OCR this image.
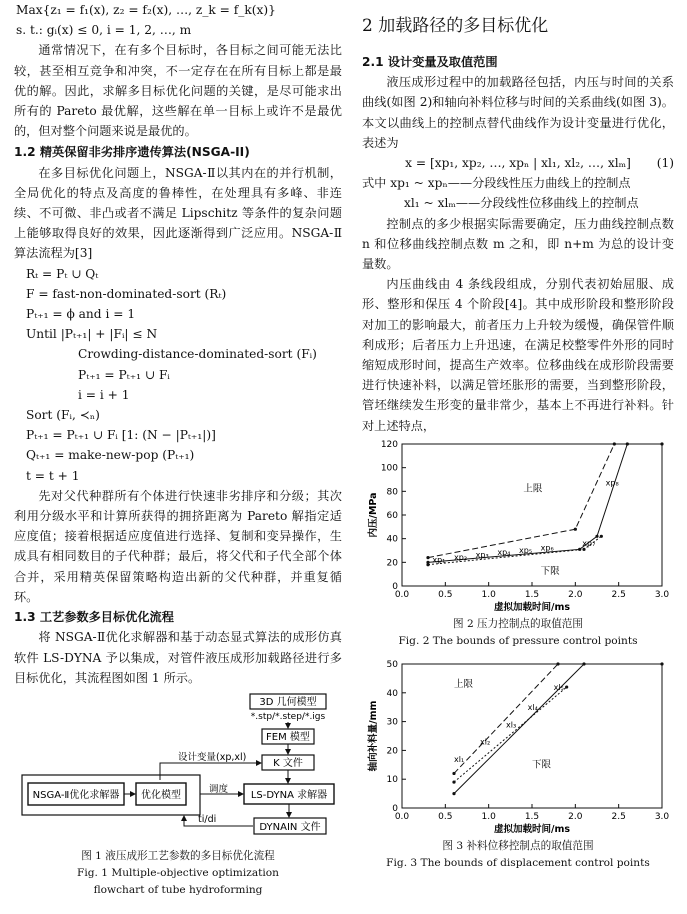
Max{z₁ = f₁(x), z₂ = f₂(x), …, z_k = f_k(x)}

s. t.: gᵢ(x) ≤ 0, i = 1, 2, …, m

通常情况下，在有多个目标时，各目标之间可能无法比较，甚至相互竞争和冲突，不一定存在在所有目标上都是最优的解。因此，求解多目标优化问题的关键，是尽可能求出所有的 Pareto 最优解，这些解在单一目标上或许不是最优的，但对整个问题来说是最优的。

1.2 精英保留非劣排序遗传算法(NSGA-II)

在多目标优化问题上，NSGA-Ⅱ以其内在的并行机制，全局优化的特点及高度的鲁棒性，在处理具有多峰、非连续、不可微、非凸或者不满足 Lipschitz 等条件的复杂问题上能够取得良好的效果，因此逐渐得到广泛应用。NSGA-Ⅱ算法流程为[3]

Rₜ = Pₜ ∪ Qₜ
F = fast-non-dominated-sort (Rₜ)
Pₜ₊₁ = ϕ and i = 1
Until |Pₜ₊₁| + |Fᵢ| ≤ N
Crowding-distance-dominated-sort (Fᵢ)
Pₜ₊₁ = Pₜ₊₁ ∪ Fᵢ
i = i + 1
Sort (Fᵢ, ≺ₙ)
Pₜ₊₁ = Pₜ₊₁ ∪ Fᵢ [1: (N − |Pₜ₊₁|)]
Qₜ₊₁ = make-new-pop (Pₜ₊₁)
t = t + 1

先对父代种群所有个体进行快速非劣排序和分级；其次利用分级水平和计算所获得的拥挤距离为 Pareto 解指定适应度值；接着根据适应度值进行选择、复制和变异操作，生成具有相同数目的子代种群；最后，将父代和子代全部个体合并，采用精英保留策略构造出新的父代种群，并重复循环。

1.3 工艺参数多目标优化流程

将 NSGA-Ⅱ优化求解器和基于动态显式算法的成形仿真软件 LS-DYNA 予以集成，对管件液压成形加载路径进行多目标优化，其流程图如图 1 所示。

3D 几何模型
*.stp/*.step/*.igs
FEM 模型
K 文件
设计变量(xp,xl)
NSGA-Ⅱ优化求解器 优化模型
调度
LS-DYNA 求解器
DYNAIN 文件
ti/di
图 1 液压成形工艺参数的多目标优化流程
Fig. 1 Multiple-objective optimization
flowchart of tube hydroforming

2 加载路径的多目标优化

2.1 设计变量及取值范围

液压成形过程中的加载路径包括，内压与时间的关系曲线(如图 2)和轴向补料位移与时间的关系曲线(如图 3)。本文以曲线上的控制点替代曲线作为设计变量进行优化，表述为

x = [xp₁, xp₂, …, xpₙ | xl₁, xl₂, …, xlₘ] (1)

式中 xp₁ ~ xpₙ——分段线性压力曲线上的控制点

xl₁ ~ xlₘ——分段线性位移曲线上的控制点

控制点的多少根据实际需要确定，压力曲线控制点数 n 和位移曲线控制点数 m 之和，即 n+m 为总的设计变量数。

内压曲线由 4 条线段组成，分别代表初始屈服、成形、整形和保压 4 个阶段[4]。其中成形阶段和整形阶段对加工的影响最大，前者压力上升较为缓慢，确保管件顺利成形；后者压力上升迅速，在满足校整零件外形的同时缩短成形时间，提高生产效率。位移曲线在成形阶段需要进行快速补料，以满足管坯胀形的需要，当到整形阶段，管坯继续发生形变的量非常少，基本上不再进行补料。针对上述特点，

0.0	0.5	1.0	1.5	2.0	2.5	3.0
0
20
40
60
80
100
120
虚拟加载时间/ms
内压/MPa
上限
下限
xp₁ xp₂ xp₃ xp₄ xp₅ xp₆
xp₇
xp₈
图 2 压力控制点的取值范围
Fig. 2 The bounds of pressure control points
0.0	0.5	1.0	1.5	2.0	2.5	3.0
0
10
20
30
40
50
虚拟加载时间/ms
轴向补料量/mm
上限
下限
xl₁
xl₂
xl₃
xl₄
xl₅
图 3 补料位移控制点的取值范围
Fig. 3 The bounds of displacement control points
